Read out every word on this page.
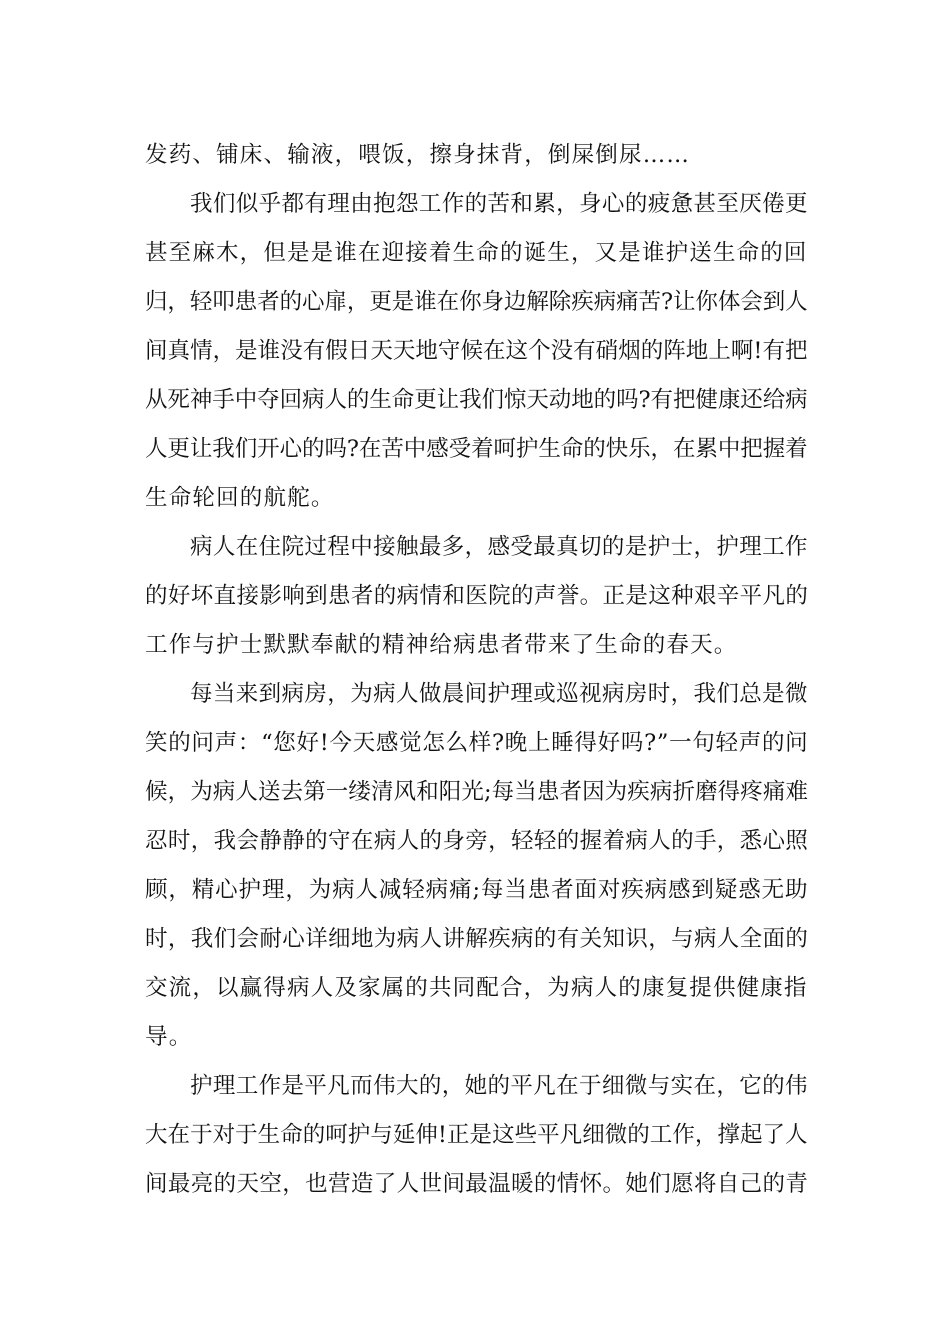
发药、铺床、输液，喂饭，擦身抹背，倒屎倒尿……
我们似乎都有理由抱怨工作的苦和累，身心的疲惫甚至厌倦更
甚至麻木，但是是谁在迎接着生命的诞生，又是谁护送生命的回
归，轻叩患者的心扉，更是谁在你身边解除疾病痛苦?让你体会到人
间真情，是谁没有假日天天地守候在这个没有硝烟的阵地上啊!有把
从死神手中夺回病人的生命更让我们惊天动地的吗?有把健康还给病
人更让我们开心的吗?在苦中感受着呵护生命的快乐，在累中把握着
生命轮回的航舵。
病人在住院过程中接触最多，感受最真切的是护士，护理工作
的好坏直接影响到患者的病情和医院的声誉。正是这种艰辛平凡的
工作与护士默默奉献的精神给病患者带来了生命的春天。
每当来到病房，为病人做晨间护理或巡视病房时，我们总是微
笑的问声：“您好!今天感觉怎么样?晚上睡得好吗?”一句轻声的问
候，为病人送去第一缕清风和阳光;每当患者因为疾病折磨得疼痛难
忍时，我会静静的守在病人的身旁，轻轻的握着病人的手，悉心照
顾，精心护理，为病人减轻病痛;每当患者面对疾病感到疑惑无助
时，我们会耐心详细地为病人讲解疾病的有关知识，与病人全面的
交流，以赢得病人及家属的共同配合，为病人的康复提供健康指
导。
护理工作是平凡而伟大的，她的平凡在于细微与实在，它的伟
大在于对于生命的呵护与延伸!正是这些平凡细微的工作，撑起了人
间最亮的天空，也营造了人世间最温暖的情怀。她们愿将自己的青
